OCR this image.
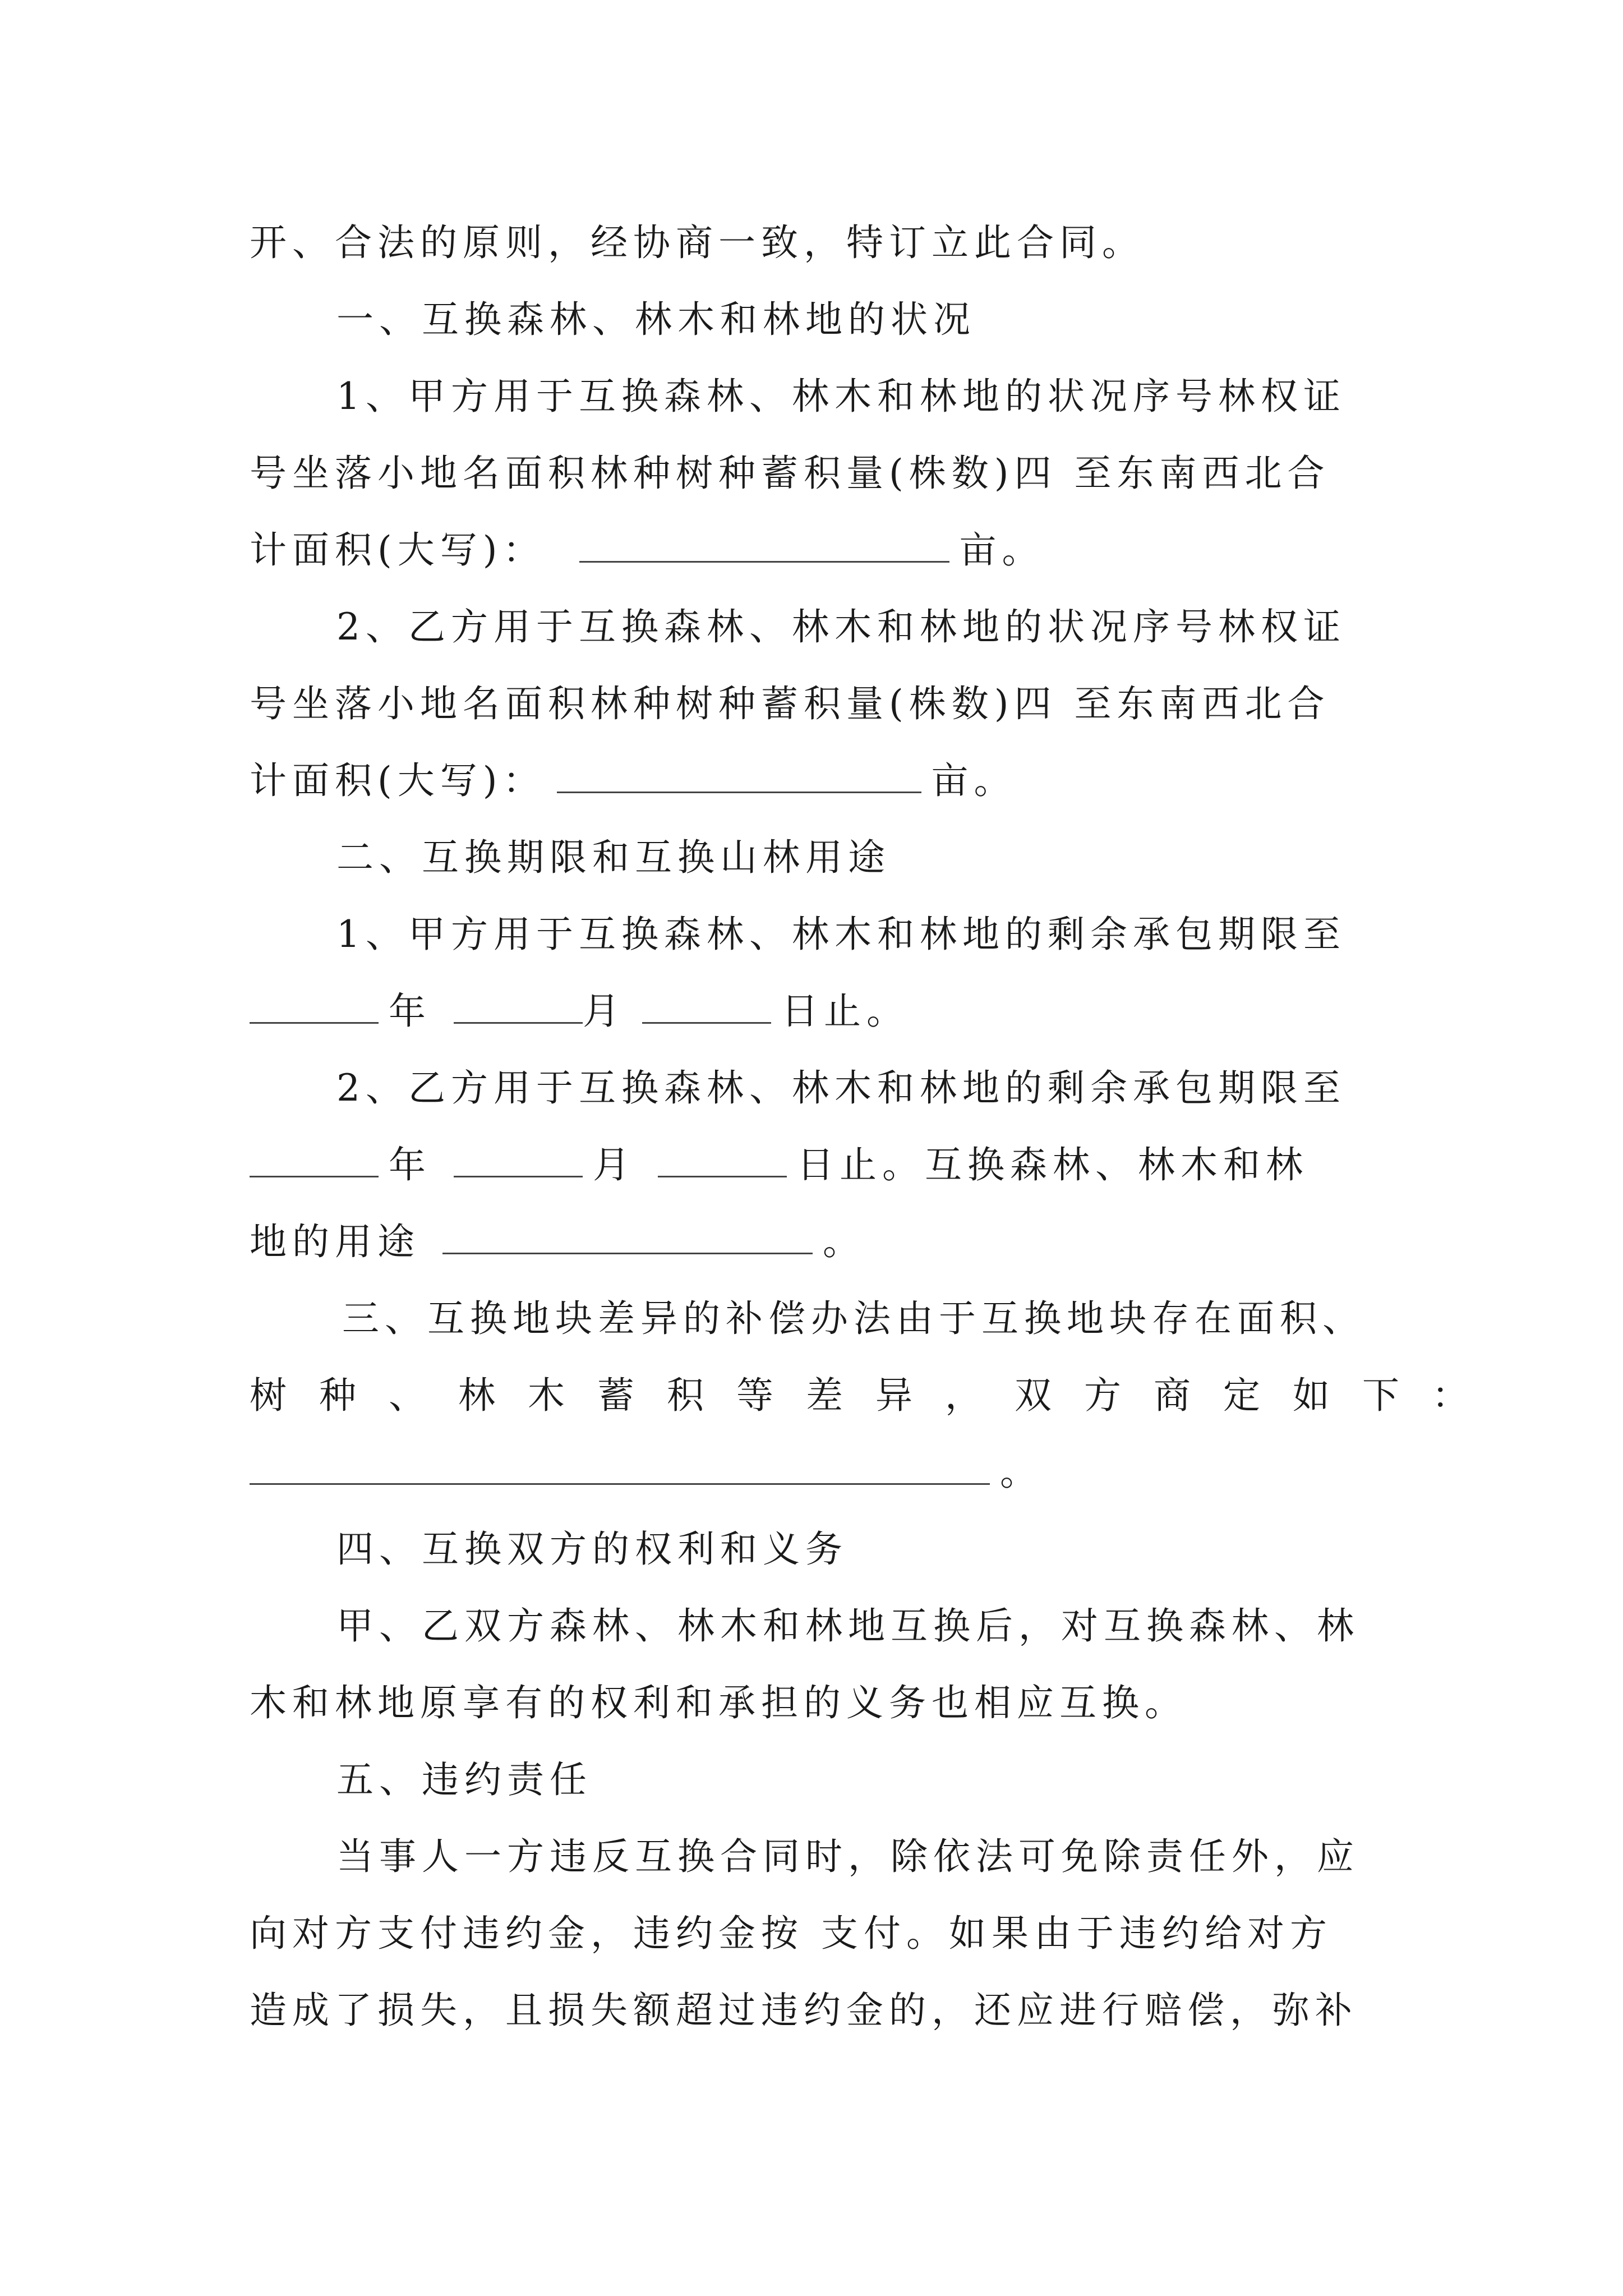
开、合法的原则，经协商一致，特订立此合同。
一、互换森林、林木和林地的状况
1、甲方用于互换森林、林木和林地的状况序号林权证
号坐落小地名面积林种树种蓄积量(株数)四 至东南西北合
计面积(大写)：	亩。
2、乙方用于互换森林、林木和林地的状况序号林权证
号坐落小地名面积林种树种蓄积量(株数)四 至东南西北合
计面积(大写)：	亩。
二、互换期限和互换山林用途
1、甲方用于互换森林、林木和林地的剩余承包期限至
年	月	日止。
2、乙方用于互换森林、林木和林地的剩余承包期限至
年	月	日止。互换森林、林木和林
地的用途	。
三、互换地块差异的补偿办法由于互换地块存在面积、
树种、林木蓄积等差异，双方商定如下：
。
四、互换双方的权利和义务
甲、乙双方森林、林木和林地互换后，对互换森林、林
木和林地原享有的权利和承担的义务也相应互换。
五、违约责任
当事人一方违反互换合同时，除依法可免除责任外，应
向对方支付违约金，违约金按 支付。如果由于违约给对方
造成了损失，且损失额超过违约金的，还应进行赔偿，弥补
